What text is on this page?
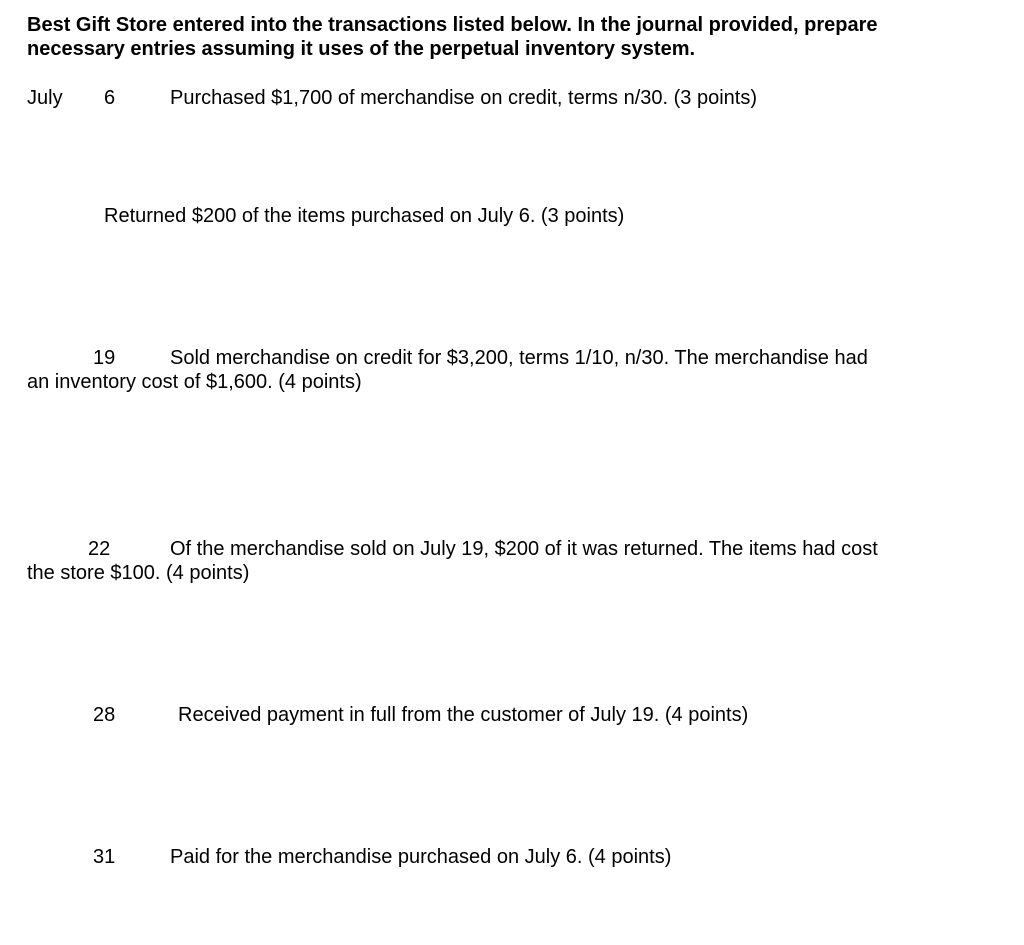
Best Gift Store entered into the transactions listed below. In the journal provided, prepare
necessary entries assuming it uses of the perpetual inventory system.
July 6	Purchased $1,700 of merchandise on credit, terms n/30. (3 points)
Returned $200 of the items purchased on July 6. (3 points)
19	Sold merchandise on credit for $3,200, terms 1/10, n/30. The merchandise had
an inventory cost of $1,600. (4 points)
22	Of the merchandise sold on July 19, $200 of it was returned. The items had cost
the store $100. (4 points)
28	Received payment in full from the customer of July 19. (4 points)
31	Paid for the merchandise purchased on July 6. (4 points)
